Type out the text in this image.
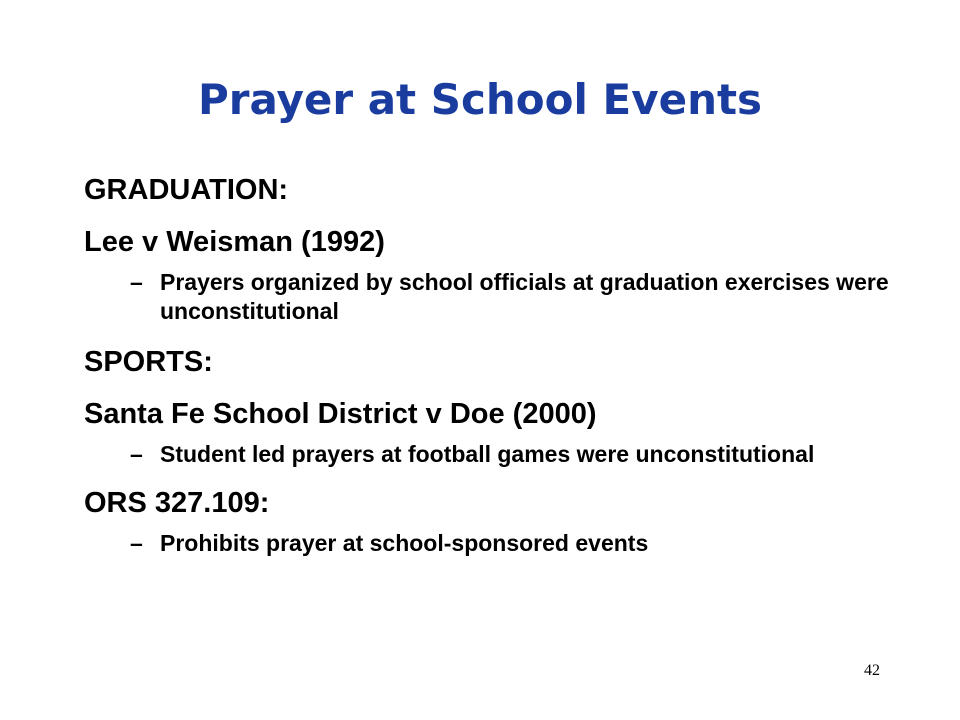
Prayer at School Events
GRADUATION:
Lee v Weisman (1992)
– Prayers organized by school officials at graduation exercises were unconstitutional
SPORTS:
Santa Fe School District v Doe (2000)
– Student led prayers at football games were unconstitutional
ORS 327.109:
– Prohibits prayer at school-sponsored events
42
